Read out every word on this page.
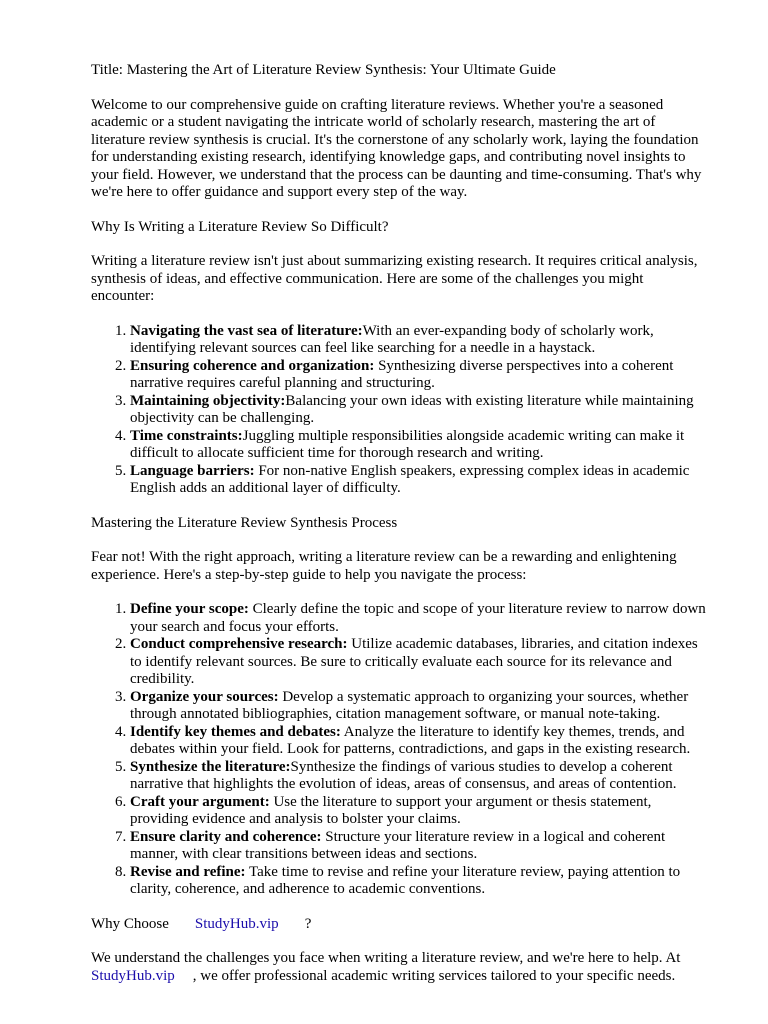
Title: Mastering the Art of Literature Review Synthesis: Your Ultimate Guide

Welcome to our comprehensive guide on crafting literature reviews. Whether you're a seasoned academic or a student navigating the intricate world of scholarly research, mastering the art of literature review synthesis is crucial. It's the cornerstone of any scholarly work, laying the foundation for understanding existing research, identifying knowledge gaps, and contributing novel insights to your field. However, we understand that the process can be daunting and time-consuming. That's why we're here to offer guidance and support every step of the way.

Why Is Writing a Literature Review So Difficult?

Writing a literature review isn't just about summarizing existing research. It requires critical analysis, synthesis of ideas, and effective communication. Here are some of the challenges you might encounter:

1. Navigating the vast sea of literature:With an ever-expanding body of scholarly work, identifying relevant sources can feel like searching for a needle in a haystack.
2. Ensuring coherence and organization: Synthesizing diverse perspectives into a coherent narrative requires careful planning and structuring.
3. Maintaining objectivity:Balancing your own ideas with existing literature while maintaining objectivity can be challenging.
4. Time constraints:Juggling multiple responsibilities alongside academic writing can make it difficult to allocate sufficient time for thorough research and writing.
5. Language barriers: For non-native English speakers, expressing complex ideas in academic English adds an additional layer of difficulty.

Mastering the Literature Review Synthesis Process

Fear not! With the right approach, writing a literature review can be a rewarding and enlightening experience. Here's a step-by-step guide to help you navigate the process:

1. Define your scope: Clearly define the topic and scope of your literature review to narrow down your search and focus your efforts.
2. Conduct comprehensive research: Utilize academic databases, libraries, and citation indexes to identify relevant sources. Be sure to critically evaluate each source for its relevance and credibility.
3. Organize your sources: Develop a systematic approach to organizing your sources, whether through annotated bibliographies, citation management software, or manual note-taking.
4. Identify key themes and debates: Analyze the literature to identify key themes, trends, and debates within your field. Look for patterns, contradictions, and gaps in the existing research.
5. Synthesize the literature:Synthesize the findings of various studies to develop a coherent narrative that highlights the evolution of ideas, areas of consensus, and areas of contention.
6. Craft your argument: Use the literature to support your argument or thesis statement, providing evidence and analysis to bolster your claims.
7. Ensure clarity and coherence: Structure your literature review in a logical and coherent manner, with clear transitions between ideas and sections.
8. Revise and refine: Take time to revise and refine your literature review, paying attention to clarity, coherence, and adherence to academic conventions.

Why Choose StudyHub.vip ?

We understand the challenges you face when writing a literature review, and we're here to help. At
StudyHub.vip , we offer professional academic writing services tailored to your specific needs.
